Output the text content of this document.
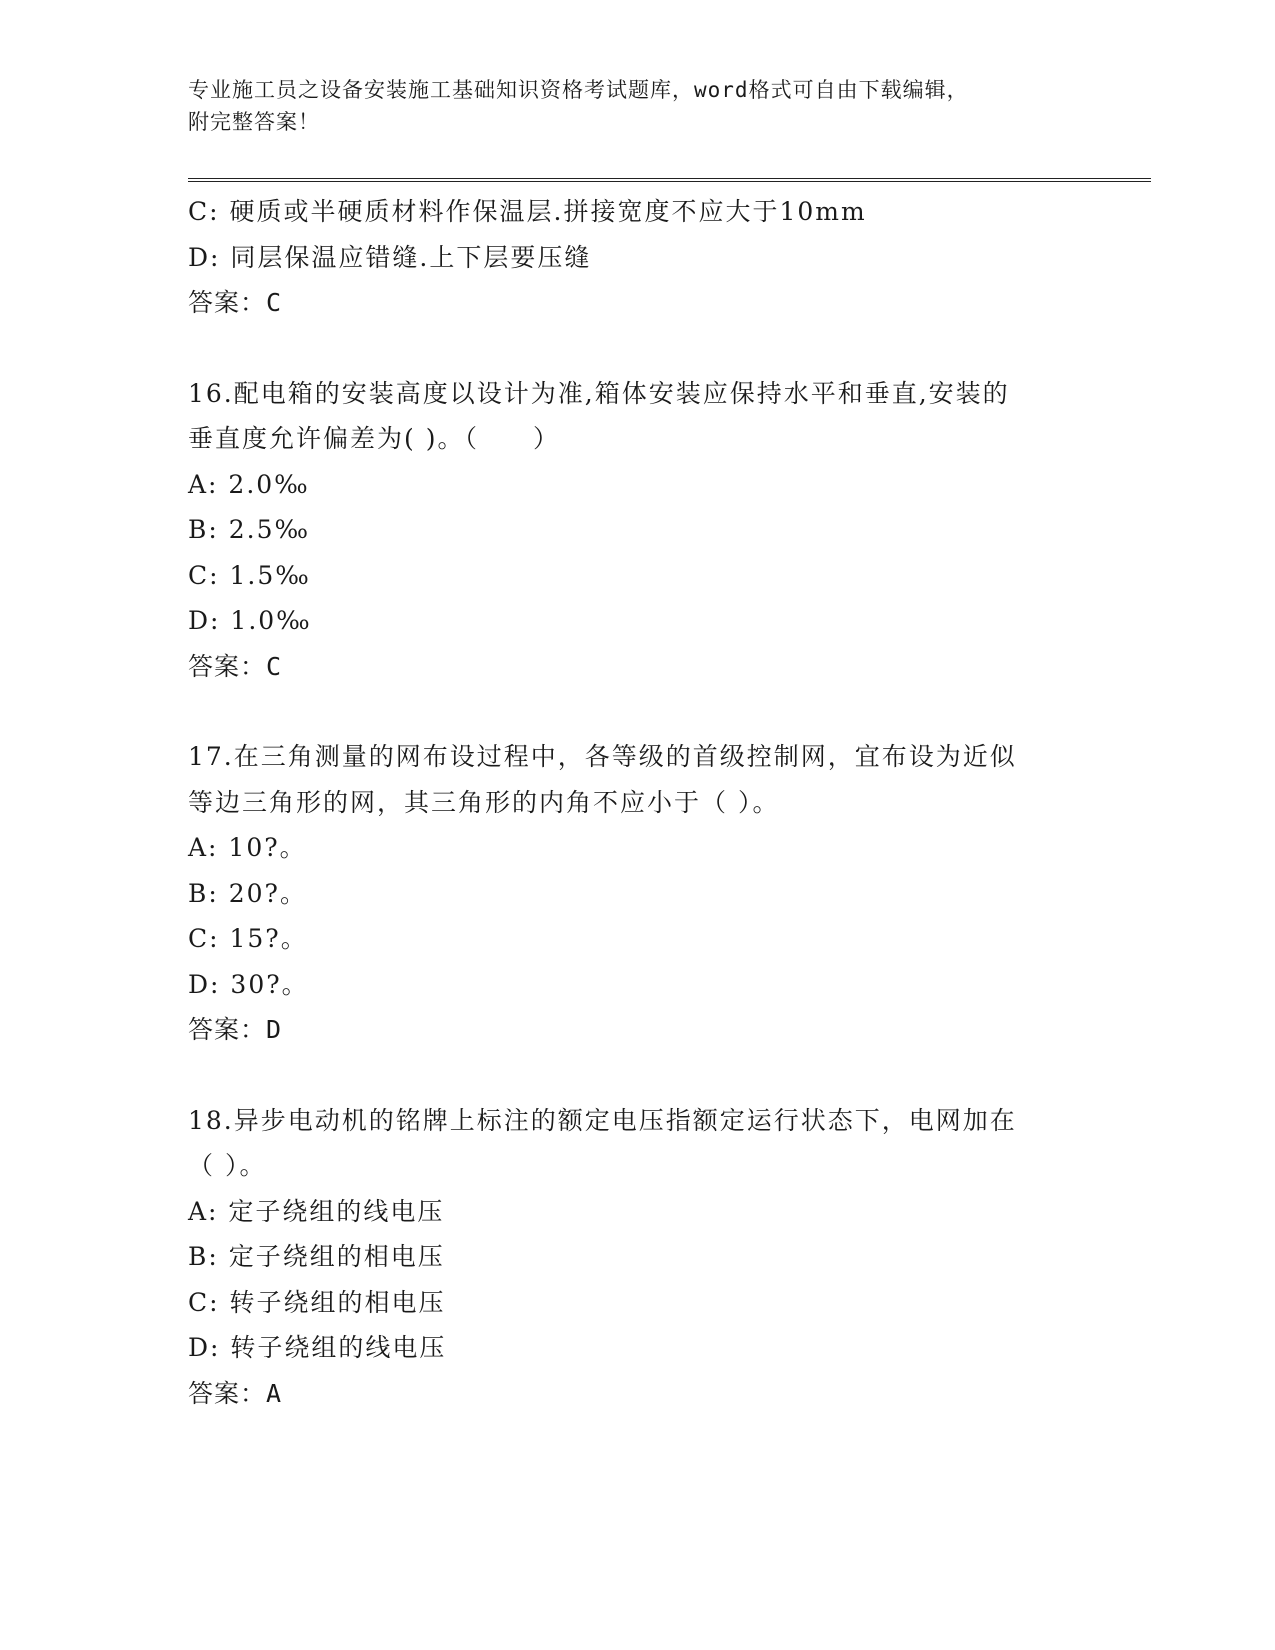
专业施工员之设备安装施工基础知识资格考试题库，word格式可自由下载编辑，
附完整答案！
C: 硬质或半硬质材料作保温层.拼接宽度不应大于10mm
D: 同层保温应错缝.上下层要压缝
答案：C
16.配电箱的安装高度以设计为准,箱体安装应保持水平和垂直,安装的
垂直度允许偏差为( )。（　　）
A: 2.0‰
B: 2.5‰
C: 1.5‰
D: 1.0‰
答案：C
17.在三角测量的网布设过程中，各等级的首级控制网，宜布设为近似
等边三角形的网，其三角形的内角不应小于（ ）。
A: 10?。
B: 20?。
C: 15?。
D: 30?。
答案：D
18.异步电动机的铭牌上标注的额定电压指额定运行状态下，电网加在
（ ）。
A: 定子绕组的线电压
B: 定子绕组的相电压
C: 转子绕组的相电压
D: 转子绕组的线电压
答案：A
